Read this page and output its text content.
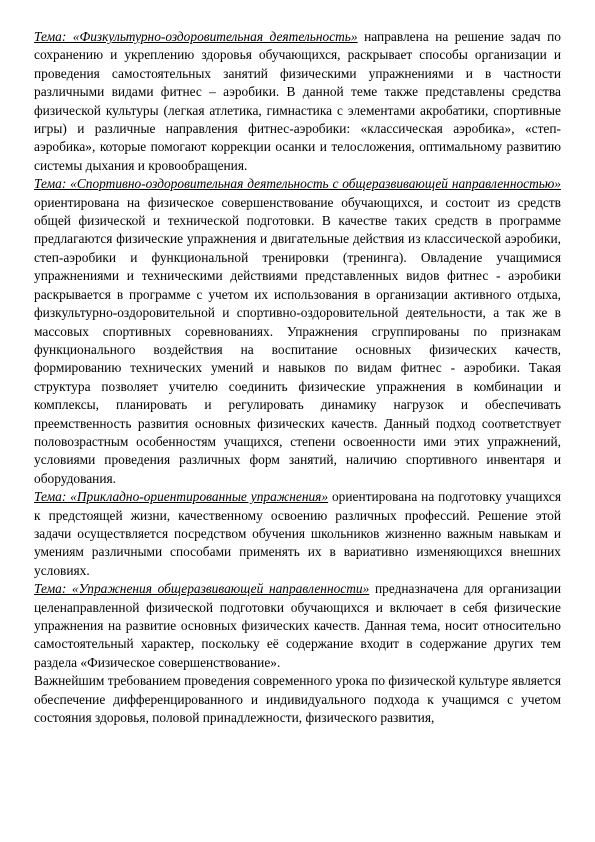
Тема: «Физкультурно-оздоровительная деятельность» направлена на решение задач по сохранению и укреплению здоровья обучающихся, раскрывает способы организации и проведения самостоятельных занятий физическими упражнениями и в частности различными видами фитнес – аэробики. В данной теме также представлены средства физической культуры (легкая атлетика, гимнастика с элементами акробатики, спортивные игры) и различные направления фитнес-аэробики: «классическая аэробика», «степ-аэробика», которые помогают коррекции осанки и телосложения, оптимальному развитию системы дыхания и кровообращения.

Тема: «Спортивно-оздоровительная деятельность с общеразвивающей направленностью» ориентирована на физическое совершенствование обучающихся, и состоит из средств общей физической и технической подготовки. В качестве таких средств в программе предлагаются физические упражнения и двигательные действия из классической аэробики, степ-аэробики и функциональной тренировки (тренинга). Овладение учащимися упражнениями и техническими действиями представленных видов фитнес - аэробики раскрывается в программе с учетом их использования в организации активного отдыха, физкультурно-оздоровительной и спортивно-оздоровительной деятельности, а так же в массовых спортивных соревнованиях. Упражнения сгруппированы по признакам функционального воздействия на воспитание основных физических качеств, формированию технических умений и навыков по видам фитнес - аэробики. Такая структура позволяет учителю соединить физические упражнения в комбинации и комплексы, планировать и регулировать динамику нагрузок и обеспечивать преемственность развития основных физических качеств. Данный подход соответствует половозрастным особенностям учащихся, степени освоенности ими этих упражнений, условиями проведения различных форм занятий, наличию спортивного инвентаря и оборудования.

Тема: «Прикладно-ориентированные упражнения» ориентирована на подготовку учащихся к предстоящей жизни, качественному освоению различных профессий. Решение этой задачи осуществляется посредством обучения школьников жизненно важным навыкам и умениям различными способами применять их в вариативно изменяющихся внешних условиях.

Тема: «Упражнения общеразвивающей направленности» предназначена для организации целенаправленной физической подготовки обучающихся и включает в себя физические упражнения на развитие основных физических качеств. Данная тема, носит относительно самостоятельный характер, поскольку её содержание входит в содержание других тем раздела «Физическое совершенствование».

Важнейшим требованием проведения современного урока по физической культуре является обеспечение дифференцированного и индивидуального подхода к учащимся с учетом состояния здоровья, половой принадлежности, физического развития,
